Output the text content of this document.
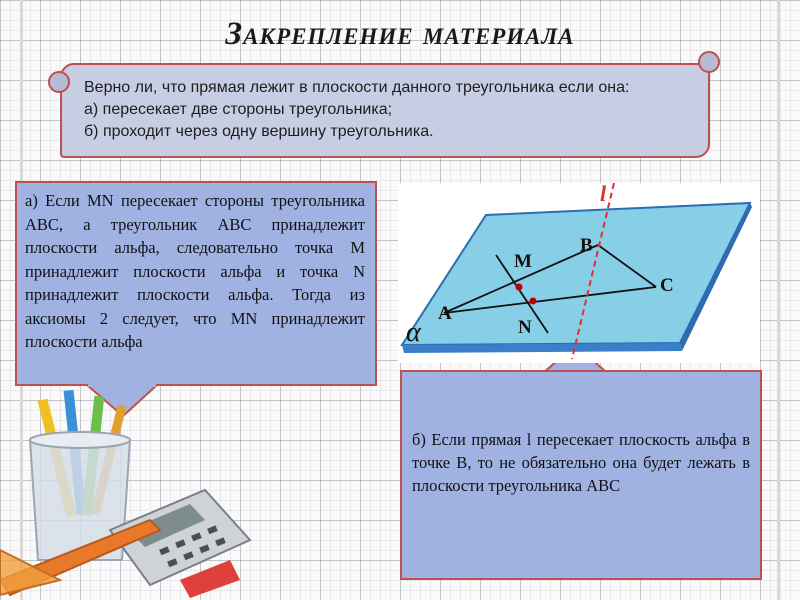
Закрепление материала
Верно ли, что прямая лежит в плоскости данного треугольника если она:
а) пересекает две стороны треугольника;
б) проходит через одну вершину треугольника.
а) Если MN пересекает стороны треугольника ABC, а треугольник ABC принадлежит плоскости альфа, следовательно точка M принадлежит плоскости альфа и точка N принадлежит плоскости альфа. Тогда из аксиомы 2 следует, что MN принадлежит плоскости альфа
б) Если прямая l пересекает плоскость альфа в точке B, то не обязательно она будет лежать в плоскости треугольника ABC
l
B
M
C
A
N
α
